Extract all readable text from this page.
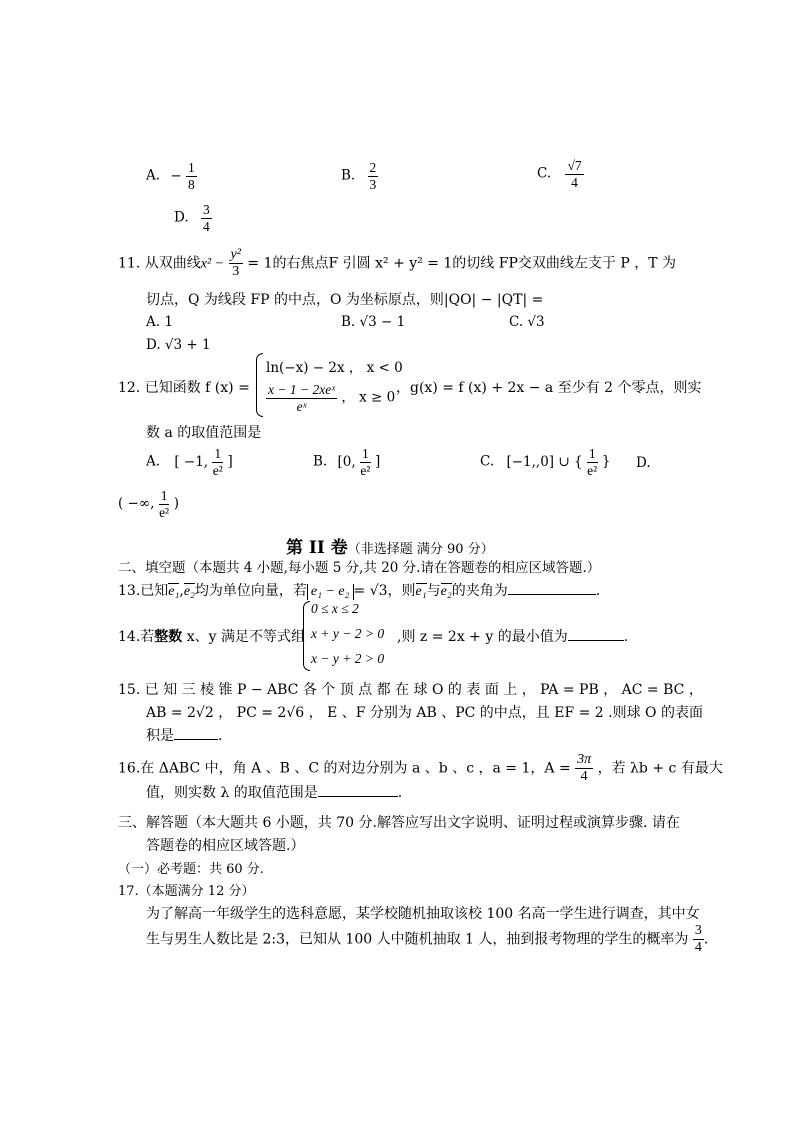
A. − $\frac{1}{8}$	B. $\frac{2}{3}$	C. $\frac{√7}{4}$
D. $\frac{3}{4}$
11. 从双曲线$x^2 - \frac{\text{y²}}{3} = 1$的右焦点F 引圆 x² + y² = 1的切线 FP交双曲线左支于 P ，T 为
切点，Q 为线段 FP 的中点，O 为坐标原点，则|QO| − |QT| =
A. 1	B. √3 − 1	C. √3
D. √3 + 1
12. 已知函数 f (x) =
ln(−x) − 2x ， x < 0
$\frac{\text{x − 1 − 2xeˣ}}{\text{eˣ}}$ ， x ≥ 0
，g(x) = f (x) + 2x − a 至少有 2 个零点，则实
数 a 的取值范围是
A. [ −1, $\frac{1}{\text{e²}}$ ]	B. [0, $\frac{1}{\text{e²}}$ ]	C. [−1,,0] ∪ { $\frac{1}{\text{e²}}$ } D.
( −∞, $\frac{1}{\text{e²}}$ )
第 II 卷（非选择题 满分 90 分）
二、填空题（本题共 4 小题,每小题 5 分,共 20 分.请在答题卷的相应区域答题.）
13.已知e₁,e₂均为单位向量，若 e₁ − e₂ = √3，则e₁与e₂的夹角为	.
14.若整数 x、y 满足不等式组
0 ≤ x ≤ 2
x + y − 2 > 0
x − y + 2 > 0
,则 z = 2x + y 的最小值为	.
15. 已 知 三 棱 锥 P − ABC 各 个 顶 点 都 在 球 O 的 表 面 上 ， PA = PB ， AC = BC ，
AB = 2√2 ， PC = 2√6 ， E 、F 分别为 AB 、PC 的中点，且 EF = 2 .则球 O 的表面
积是	.
16.在 ΔABC 中，角 A 、B 、C 的对边分别为 a 、b 、c ，a = 1，$A = \frac{3\pi}{4}$ ，若 λb + c 有最大
值，则实数 λ 的取值范围是	.
三、解答题（本大题共 6 小题，共 70 分.解答应写出文字说明、证明过程或演算步骤. 请在
答题卷的相应区域答题.）
（一）必考题：共 60 分.
17.（本题满分 12 分）
为了解高一年级学生的选科意愿，某学校随机抽取该校 100 名高一学生进行调查，其中女
生与男生人数比是 2:3，已知从 100 人中随机抽取 1 人，抽到报考物理的学生的概率为 $\frac{3}{4}$ .
